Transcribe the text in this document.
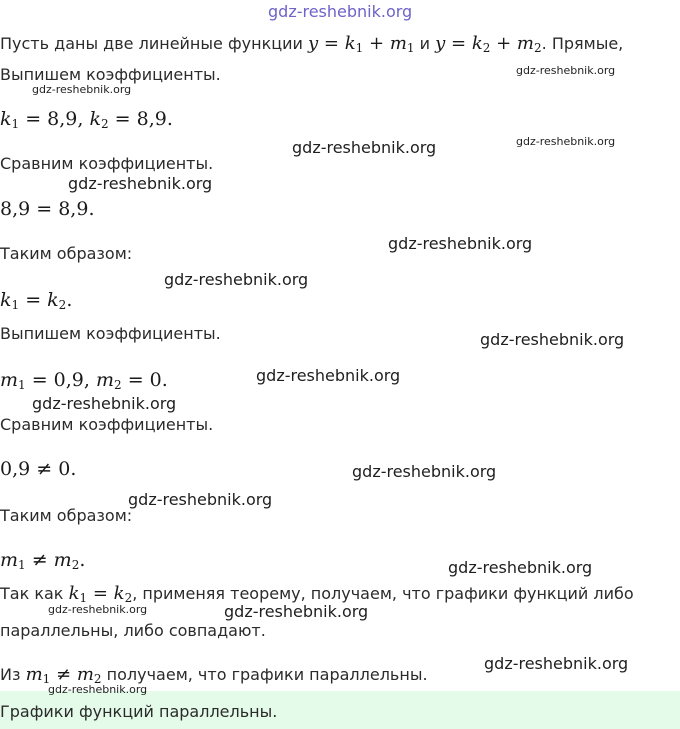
gdz-reshebnik.org
Пусть даны две линейные функции $y = k_1 + m_1$ и $y = k_2 + m_2$. Прямые,
Выпишем коэффициенты.
$k_1 = 8,9$, $k_2 = 8,9$.
Сравним коэффициенты.
8,9 = 8,9.
Таким образом:
$k_1 = k_2$.
Выпишем коэффициенты.
$m_1 = 0,9$, $m_2 = 0$.
Сравним коэффициенты.
0,9 ≠ 0.
Таким образом:
$m_1 \ne m_2$.
Так как $k_1 = k_2$, применяя теорему, получаем, что графики функций либо
параллельны, либо совпадают.
Из $m_1 \ne m_2$ получаем, что графики параллельны.
Графики функций параллельны.
gdz-reshebnik.org
gdz-reshebnik.org
gdz-reshebnik.org
gdz-reshebnik.org
gdz-reshebnik.org
gdz-reshebnik.org
gdz-reshebnik.org
gdz-reshebnik.org
gdz-reshebnik.org
gdz-reshebnik.org
gdz-reshebnik.org
gdz-reshebnik.org
gdz-reshebnik.org
gdz-reshebnik.org	gdz-reshebnik.org
gdz-reshebnik.org
gdz-reshebnik.org
